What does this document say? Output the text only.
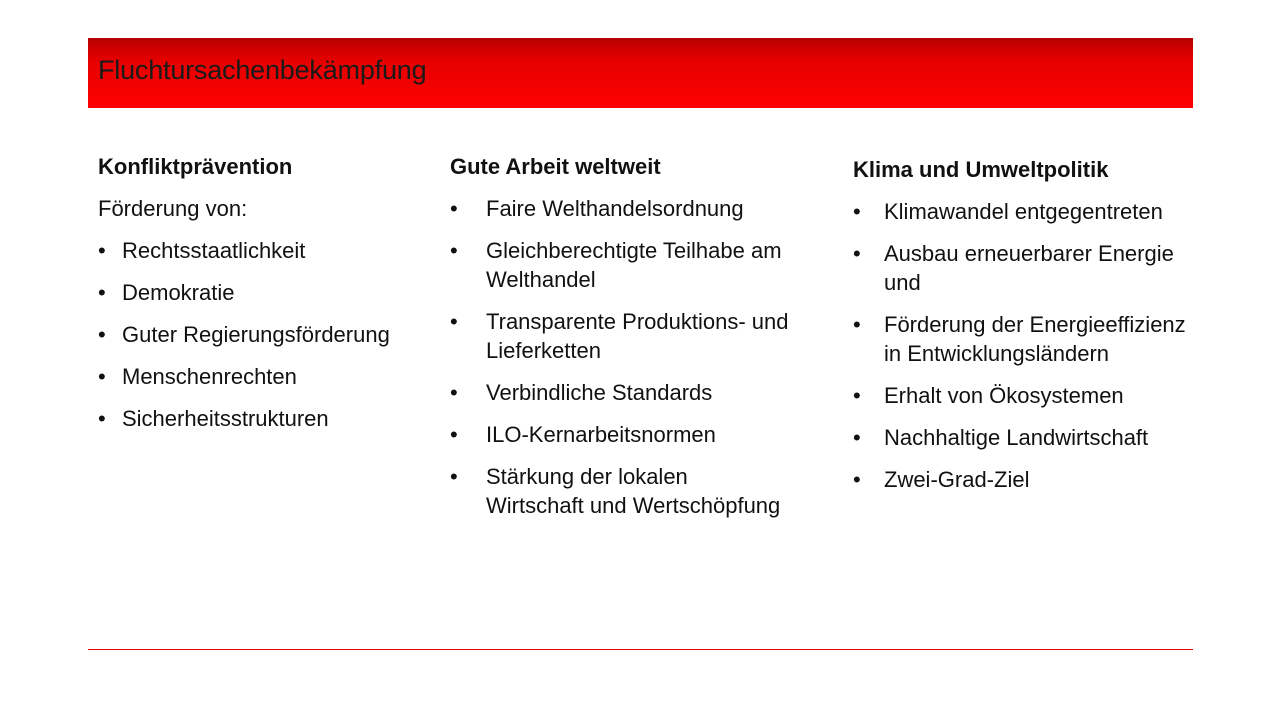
Fluchtursachenbekämpfung
Konfliktprävention
Förderung von:
• Rechtsstaatlichkeit
• Demokratie
• Guter Regierungsförderung
• Menschenrechten
• Sicherheitsstrukturen
Gute Arbeit weltweit
• Faire Welthandelsordnung
• Gleichberechtigte Teilhabe am Welthandel
• Transparente Produktions- und Lieferketten
• Verbindliche Standards
• ILO-Kernarbeitsnormen
• Stärkung der lokalen Wirtschaft und Wertschöpfung
Klima und Umweltpolitik
• Klimawandel entgegentreten
• Ausbau erneuerbarer Energie und
• Förderung der Energieeffizienz in Entwicklungsländern
• Erhalt von Ökosystemen
• Nachhaltige Landwirtschaft
• Zwei-Grad-Ziel
